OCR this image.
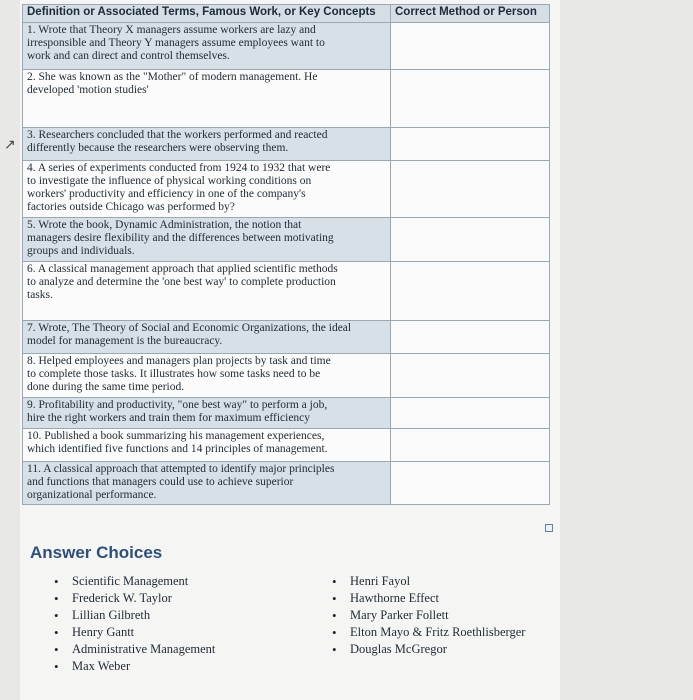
↗
Definition or Associated Terms, Famous Work, or Key Concepts	Correct Method or Person

1. Wrote that Theory X managers assume workers are lazy and
irresponsible and Theory Y managers assume employees want to
work and can direct and control themselves.	

2. She was known as the "Mother" of modern management. He
developed 'motion studies'	

3. Researchers concluded that the workers performed and reacted
differently because the researchers were observing them.	

4. A series of experiments conducted from 1924 to 1932 that were
to investigate the influence of physical working conditions on
workers' productivity and efficiency in one of the company's
factories outside Chicago was performed by?	

5. Wrote the book, Dynamic Administration, the notion that
managers desire flexibility and the differences between motivating
groups and individuals.	

6. A classical management approach that applied scientific methods
to analyze and determine the 'one best way' to complete production
tasks.	

7. Wrote, The Theory of Social and Economic Organizations, the ideal
model for management is the bureaucracy.	

8. Helped employees and managers plan projects by task and time
to complete those tasks. It illustrates how some tasks need to be
done during the same time period.	

9. Profitability and productivity, "one best way" to perform a job,
hire the right workers and train them for maximum efficiency	

10. Published a book summarizing his management experiences,
which identified five functions and 14 principles of management.	

11. A classical approach that attempted to identify major principles
and functions that managers could use to achieve superior
organizational performance.	

Answer Choices
• Scientific Management
• Frederick W. Taylor
• Lillian Gilbreth
• Henry Gantt
• Administrative Management
• Max Weber
• Henri Fayol
• Hawthorne Effect
• Mary Parker Follett
• Elton Mayo & Fritz Roethlisberger
• Douglas McGregor
